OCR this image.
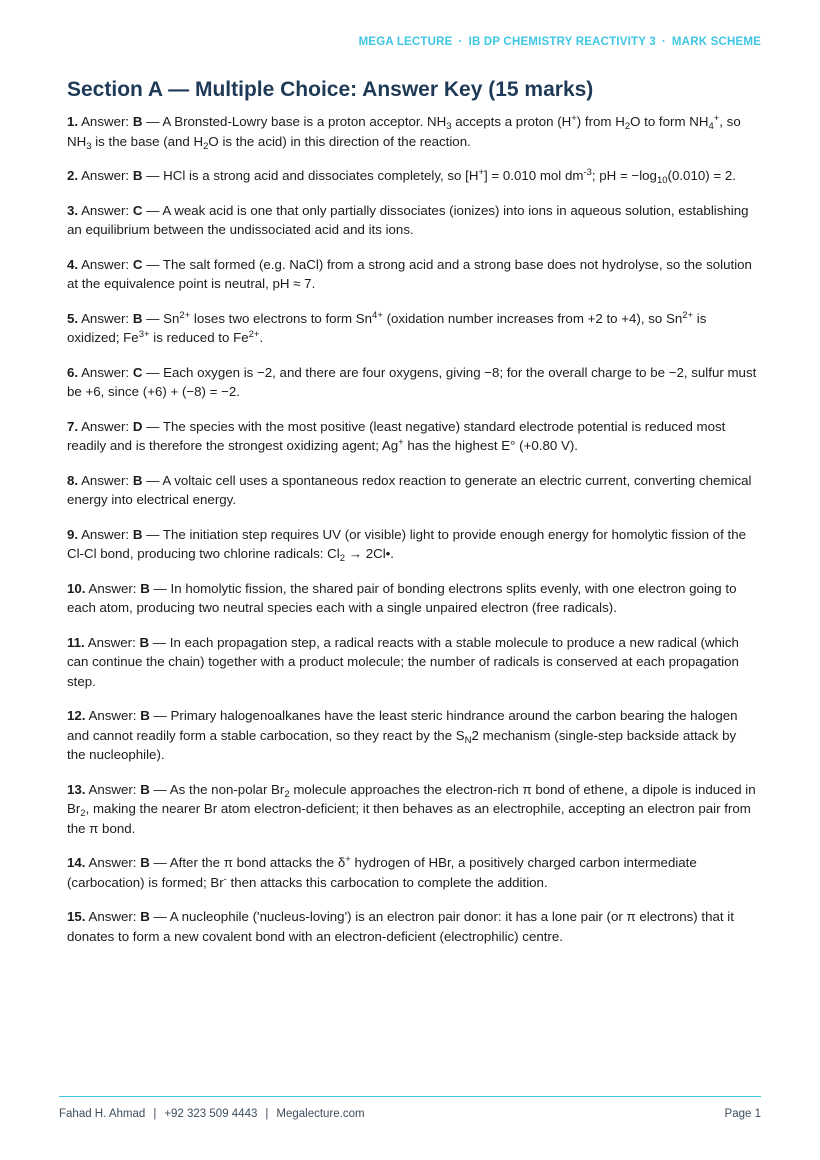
MEGA LECTURE · IB DP CHEMISTRY REACTIVITY 3 · MARK SCHEME
Section A — Multiple Choice: Answer Key (15 marks)

1. Answer: B — A Bronsted-Lowry base is a proton acceptor. $NH_3$ accepts a proton (H+) from $H_2O$ to form $NH_4^+$, so $NH_3$ is the base (and $H_2O$ is the acid) in this direction of the reaction.

2. Answer: B — HCl is a strong acid and dissociates completely, so [H+] = 0.010 mol $dm^{-3}$; pH = $-\log_{10}(0.010) = 2$.

3. Answer: C — A weak acid is one that only partially dissociates (ionizes) into ions in aqueous solution, establishing an equilibrium between the undissociated acid and its ions.

4. Answer: C — The salt formed (e.g. NaCl) from a strong acid and a strong base does not hydrolyse, so the solution at the equivalence point is neutral, pH ≈ 7.

5. Answer: B — $Sn^{2+}$ loses two electrons to form $Sn^{4+}$ (oxidation number increases from +2 to +4), so $Sn^{2+}$ is oxidized; $Fe^{3+}$ is reduced to $Fe^{2+}$.

6. Answer: C — Each oxygen is −2, and there are four oxygens, giving −8; for the overall charge to be −2, sulfur must be +6, since (+6) + (−8) = −2.

7. Answer: D — The species with the most positive (least negative) standard electrode potential is reduced most readily and is therefore the strongest oxidizing agent; Ag+ has the highest E° (+0.80 V).

8. Answer: B — A voltaic cell uses a spontaneous redox reaction to generate an electric current, converting chemical energy into electrical energy.

9. Answer: B — The initiation step requires UV (or visible) light to provide enough energy for homolytic fission of the Cl-Cl bond, producing two chlorine radicals: $Cl_2$ → 2Cl•.

10. Answer: B — In homolytic fission, the shared pair of bonding electrons splits evenly, with one electron going to each atom, producing two neutral species each with a single unpaired electron (free radicals).

11. Answer: B — In each propagation step, a radical reacts with a stable molecule to produce a new radical (which can continue the chain) together with a product molecule; the number of radicals is conserved at each propagation step.

12. Answer: B — Primary halogenoalkanes have the least steric hindrance around the carbon bearing the halogen and cannot readily form a stable carbocation, so they react by the $S_N2$ mechanism (single-step backside attack by the nucleophile).

13. Answer: B — As the non-polar $Br_2$ molecule approaches the electron-rich π bond of ethene, a dipole is induced in $Br_2$, making the nearer Br atom electron-deficient; it then behaves as an electrophile, accepting an electron pair from the π bond.

14. Answer: B — After the π bond attacks the δ+ hydrogen of HBr, a positively charged carbon intermediate (carbocation) is formed; Br- then attacks this carbocation to complete the addition.

15. Answer: B — A nucleophile ('nucleus-loving') is an electron pair donor: it has a lone pair (or π electrons) that it donates to form a new covalent bond with an electron-deficient (electrophilic) centre.

Fahad H. Ahmad | +92 323 509 4443 | Megalecture.com	Page 1
